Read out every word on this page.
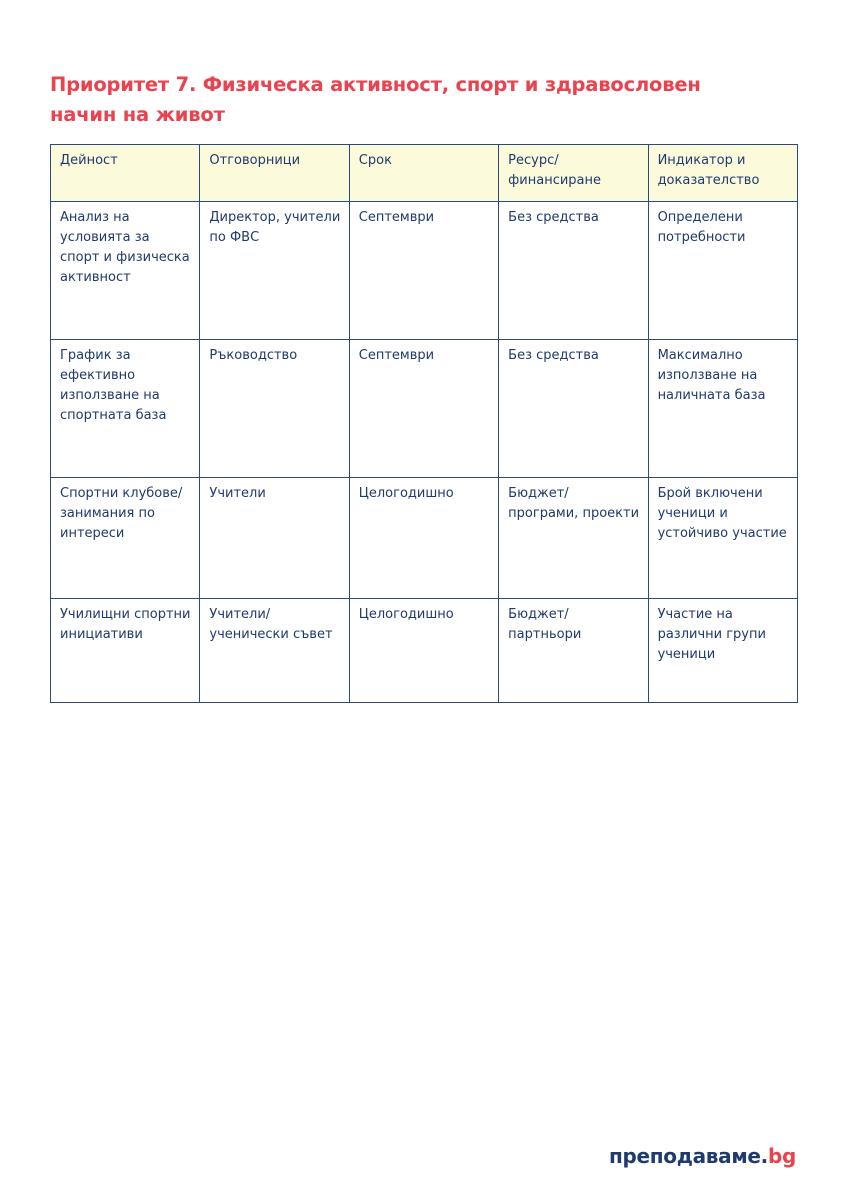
Приоритет 7. Физическа активност, спорт и здравословен начин на живот
Дейност	Отговорници	Срок	Ресурс/ финансиране	Индикатор и доказателство
Анализ на условията за спорт и физическа активност	Директор, учители по ФВС	Септември	Без средства	Определени потребности
График за ефективно използване на спортната база	Ръководство	Септември	Без средства	Максимално използване на наличната база
Спортни клубове/ занимания по интереси	Учители	Целогодишно	Бюджет/ програми, проекти	Брой включени ученици и устойчиво участие
Училищни спортни инициативи	Учители/ ученически съвет	Целогодишно	Бюджет/ партньори	Участие на различни групи ученици
преподаваме.bg
